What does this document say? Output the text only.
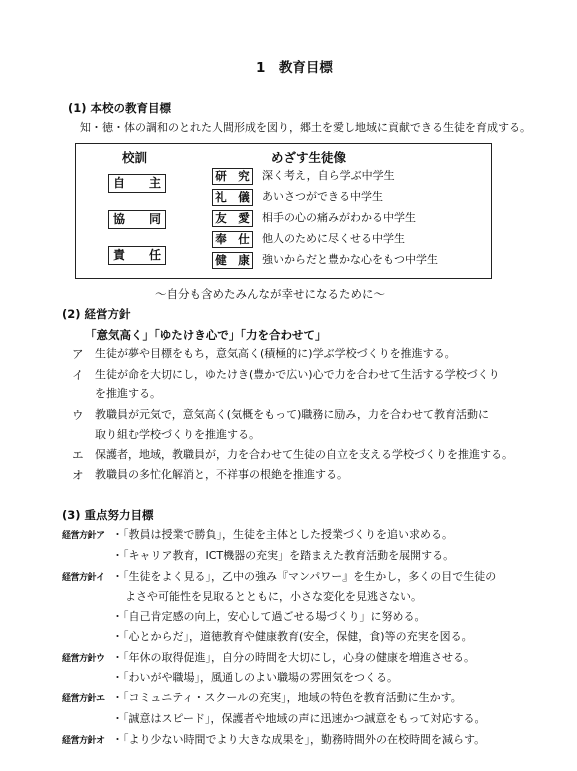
1　教育目標
(1) 本校の教育目標
知・徳・体の調和のとれた人間形成を図り，郷土を愛し地域に貢献できる生徒を育成する。
校訓	めざす生徒像
自　　主
協　　同
責　　任
研　究
礼　儀
友　愛
奉　仕
健　康
深く考え，自ら学ぶ中学生
あいさつができる中学生
相手の心の痛みがわかる中学生
他人のために尽くせる中学生
強いからだと豊かな心をもつ中学生
〜自分も含めたみんなが幸せになるために〜
(2) 経営方針
「意気高く」「ゆたけき心で」「力を合わせて」
ア 生徒が夢や目標をもち，意気高く(積極的に)学ぶ学校づくりを推進する。
イ 生徒が命を大切にし，ゆたけき(豊かで広い)心で力を合わせて生活する学校づくり
を推進する。
ウ 教職員が元気で，意気高く(気概をもって)職務に励み，力を合わせて教育活動に
取り組む学校づくりを推進する。
エ 保護者，地域，教職員が，力を合わせて生徒の自立を支える学校づくりを推進する。
オ 教職員の多忙化解消と，不祥事の根絶を推進する。
(3) 重点努力目標
経営方針ア ・「教員は授業で勝負」，生徒を主体とした授業づくりを追い求める。
・「キャリア教育，ICT機器の充実」を踏まえた教育活動を展開する。
経営方針イ ・「生徒をよく見る」，乙中の強み『マンパワー』を生かし，多くの目で生徒の
よさや可能性を見取るとともに，小さな変化を見逃さない。
・「自己肯定感の向上，安心して過ごせる場づくり」に努める。
・「心とからだ」，道徳教育や健康教育(安全，保健，食)等の充実を図る。
経営方針ウ ・「年休の取得促進」，自分の時間を大切にし，心身の健康を増進させる。
・「わいがや職場」，風通しのよい職場の雰囲気をつくる。
経営方針エ ・「コミュニティ・スクールの充実」，地域の特色を教育活動に生かす。
・「誠意はスピード」，保護者や地域の声に迅速かつ誠意をもって対応する。
経営方針オ ・「より少ない時間でより大きな成果を」，勤務時間外の在校時間を減らす。
